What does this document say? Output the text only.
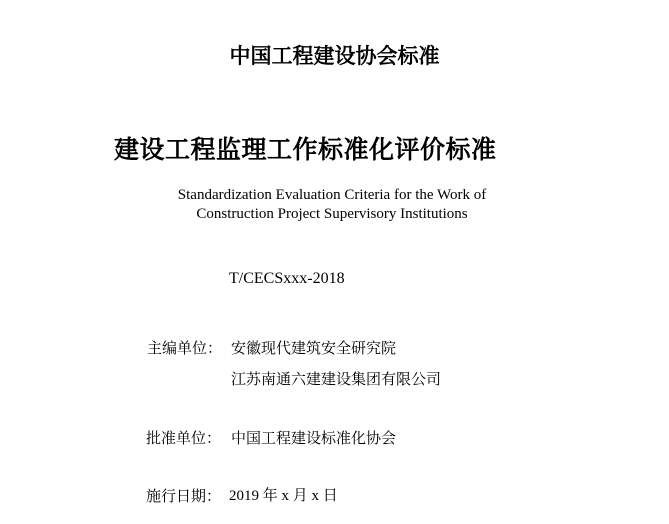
中国工程建设协会标准
建设工程监理工作标准化评价标准
Standardization Evaluation Criteria for the Work of
Construction Project Supervisory Institutions
T/CECSxxx-2018
主编单位： 安徽现代建筑安全研究院
江苏南通六建建设集团有限公司
批准单位： 中国工程建设标准化协会
施行日期： 2019 年 x 月 x 日
